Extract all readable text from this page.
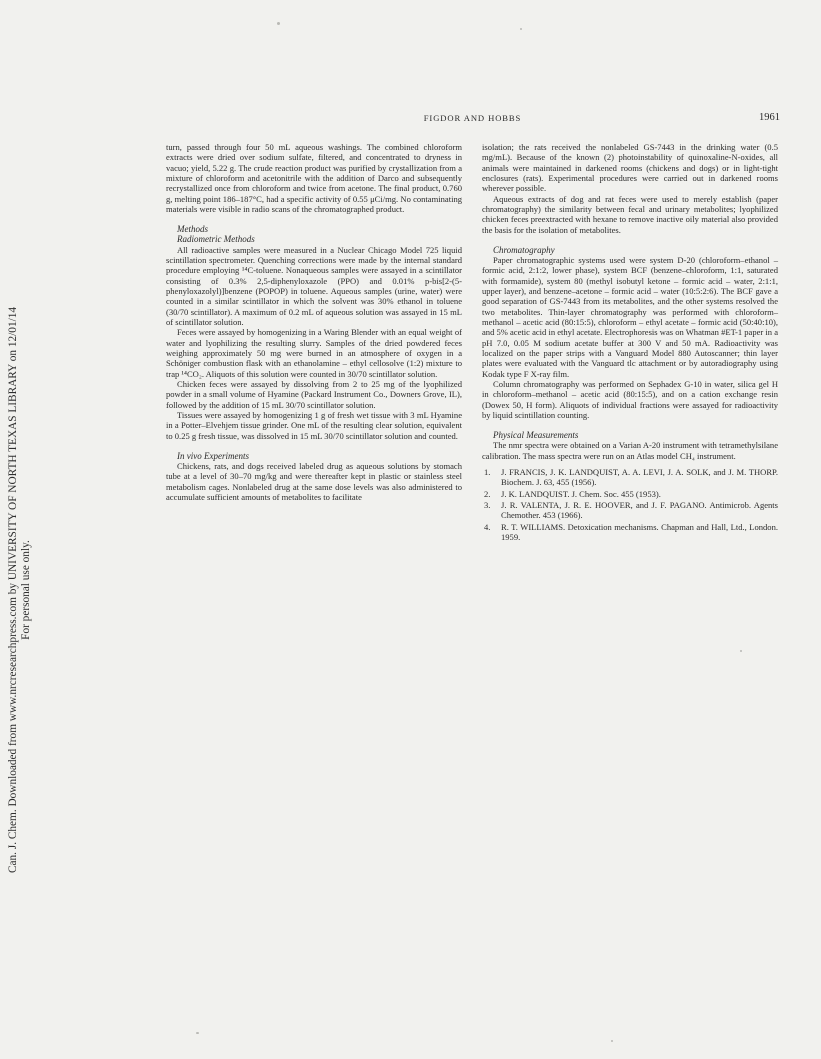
Can. J. Chem. Downloaded from www.nrcresearchpress.com by UNIVERSITY OF NORTH TEXAS LIBRARY on 12/01/14 For personal use only.
FIGDOR AND HOBBS	1961

turn, passed through four 50 mL aqueous washings. The combined chloroform extracts were dried over sodium sulfate, filtered, and concentrated to dryness in vacuo; yield, 5.22 g. The crude reaction product was purified by crystallization from a mixture of chloroform and acetonitrile with the addition of Darco and subsequently recrystallized once from chloroform and twice from acetone. The final product, 0.760 g, melting point 186–187°C, had a specific activity of 0.55 μCi/mg. No contaminating materials were visible in radio scans of the chromatographed product.

Methods

Radiometric Methods

All radioactive samples were measured in a Nuclear Chicago Model 725 liquid scintillation spectrometer. Quenching corrections were made by the internal standard procedure employing ¹⁴C-toluene. Nonaqueous samples were assayed in a scintillator consisting of 0.3% 2,5-diphenyloxazole (PPO) and 0.01% p-bis[2-(5-phenyloxazolyl)]benzene (POPOP) in toluene. Aqueous samples (urine, water) were counted in a similar scintillator in which the solvent was 30% ethanol in toluene (30/70 scintillator). A maximum of 0.2 mL of aqueous solution was assayed in 15 mL of scintillator solution.

Feces were assayed by homogenizing in a Waring Blender with an equal weight of water and lyophilizing the resulting slurry. Samples of the dried powdered feces weighing approximately 50 mg were burned in an atmosphere of oxygen in a Schöniger combustion flask with an ethanolamine – ethyl cellosolve (1:2) mixture to trap ¹⁴CO₂. Aliquots of this solution were counted in 30/70 scintillator solution.

Chicken feces were assayed by dissolving from 2 to 25 mg of the lyophilized powder in a small volume of Hyamine (Packard Instrument Co., Downers Grove, IL), followed by the addition of 15 mL 30/70 scintillator solution.

Tissues were assayed by homogenizing 1 g of fresh wet tissue with 3 mL Hyamine in a Potter–Elvehjem tissue grinder. One mL of the resulting clear solution, equivalent to 0.25 g fresh tissue, was dissolved in 15 mL 30/70 scintillator solution and counted.

In vivo Experiments

Chickens, rats, and dogs received labeled drug as aqueous solutions by stomach tube at a level of 30–70 mg/kg and were thereafter kept in plastic or stainless steel metabolism cages. Nonlabeled drug at the same dose levels was also administered to accumulate sufficient amounts of metabolites to facilitate

isolation; the rats received the nonlabeled GS-7443 in the drinking water (0.5 mg/mL). Because of the known (2) photoinstability of quinoxaline-N-oxides, all animals were maintained in darkened rooms (chickens and dogs) or in light-tight enclosures (rats). Experimental procedures were carried out in darkened rooms wherever possible.

Aqueous extracts of dog and rat feces were used to merely establish (paper chromatography) the similarity between fecal and urinary metabolites; lyophilized chicken feces preextracted with hexane to remove inactive oily material also provided the basis for the isolation of metabolites.

Chromatography

Paper chromatographic systems used were system D-20 (chloroform–ethanol – formic acid, 2:1:2, lower phase), system BCF (benzene–chloroform, 1:1, saturated with formamide), system 80 (methyl isobutyl ketone – formic acid – water, 2:1:1, upper layer), and benzene–acetone – formic acid – water (10:5:2:6). The BCF gave a good separation of GS-7443 from its metabolites, and the other systems resolved the two metabolites. Thin-layer chromatography was performed with chloroform–methanol – acetic acid (80:15:5), chloroform – ethyl acetate – formic acid (50:40:10), and 5% acetic acid in ethyl acetate. Electrophoresis was on Whatman #ET-1 paper in a pH 7.0, 0.05 M sodium acetate buffer at 300 V and 50 mA. Radioactivity was localized on the paper strips with a Vanguard Model 880 Autoscanner; thin layer plates were evaluated with the Vanguard tlc attachment or by autoradiography using Kodak type F X-ray film.

Column chromatography was performed on Sephadex G-10 in water, silica gel H in chloroform–methanol – acetic acid (80:15:5), and on a cation exchange resin (Dowex 50, H form). Aliquots of individual fractions were assayed for radioactivity by liquid scintillation counting.

Physical Measurements

The nmr spectra were obtained on a Varian A-20 instrument with tetramethylsilane calibration. The mass spectra were run on an Atlas model CH₄ instrument.

1. J. FRANCIS, J. K. LANDQUIST, A. A. LEVI, J. A. SOLK, and J. M. THORP. Biochem. J. 63, 455 (1956).
2. J. K. LANDQUIST. J. Chem. Soc. 455 (1953).
3. J. R. VALENTA, J. R. E. HOOVER, and J. F. PAGANO. Antimicrob. Agents Chemother. 453 (1966).
4. R. T. WILLIAMS. Detoxication mechanisms. Chapman and Hall, Ltd., London. 1959.
